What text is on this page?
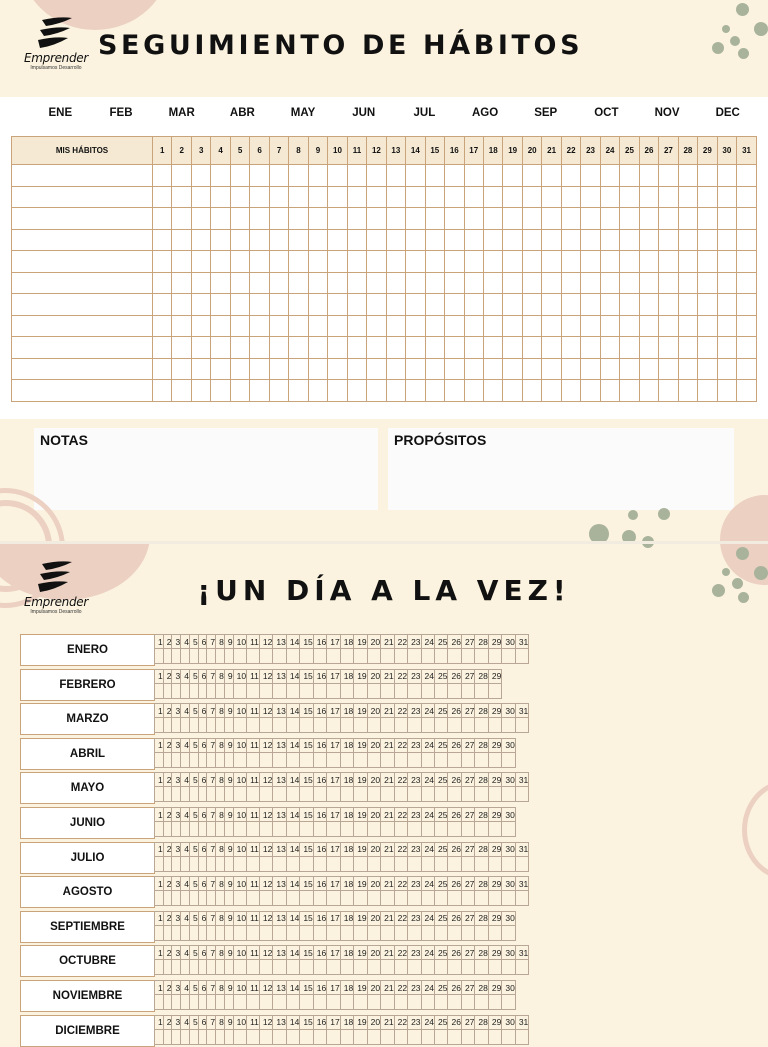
Emprender
Impulsamos Desarrollo
SEGUIMIENTO DE HÁBITOS
ENE	FEB	MAR	ABR	MAY	JUN	JUL	AGO	SEP	OCT	NOV	DEC
MIS HÁBITOS	1	2	3	4	5	6	7	8	9	10	11	12	13	14	15	16	17	18	19	20	21	22	23	24	25	26	27	28	29	30	31

NOTAS	PROPÓSITOS
Emprender
Impulsamos Desarrollo
¡UN DÍA A LA VEZ!
ENERO
1	2	3	4	5	6	7	8	9	10	11	12	13	14	15	16	17	18	19	20	21	22	23	24	25	26	27	28	29	30	31

FEBRERO
1	2	3	4	5	6	7	8	9	10	11	12	13	14	15	16	17	18	19	20	21	22	23	24	25	26	27	28	29

MARZO
1	2	3	4	5	6	7	8	9	10	11	12	13	14	15	16	17	18	19	20	21	22	23	24	25	26	27	28	29	30	31

ABRIL
1	2	3	4	5	6	7	8	9	10	11	12	13	14	15	16	17	18	19	20	21	22	23	24	25	26	27	28	29	30

MAYO
1	2	3	4	5	6	7	8	9	10	11	12	13	14	15	16	17	18	19	20	21	22	23	24	25	26	27	28	29	30	31

JUNIO
1	2	3	4	5	6	7	8	9	10	11	12	13	14	15	16	17	18	19	20	21	22	23	24	25	26	27	28	29	30

JULIO
1	2	3	4	5	6	7	8	9	10	11	12	13	14	15	16	17	18	19	20	21	22	23	24	25	26	27	28	29	30	31

AGOSTO
1	2	3	4	5	6	7	8	9	10	11	12	13	14	15	16	17	18	19	20	21	22	23	24	25	26	27	28	29	30	31

SEPTIEMBRE
1	2	3	4	5	6	7	8	9	10	11	12	13	14	15	16	17	18	19	20	21	22	23	24	25	26	27	28	29	30

OCTUBRE
1	2	3	4	5	6	7	8	9	10	11	12	13	14	15	16	17	18	19	20	21	22	23	24	25	26	27	28	29	30	31

NOVIEMBRE
1	2	3	4	5	6	7	8	9	10	11	12	13	14	15	16	17	18	19	20	21	22	23	24	25	26	27	28	29	30

DICIEMBRE
1	2	3	4	5	6	7	8	9	10	11	12	13	14	15	16	17	18	19	20	21	22	23	24	25	26	27	28	29	30	31
